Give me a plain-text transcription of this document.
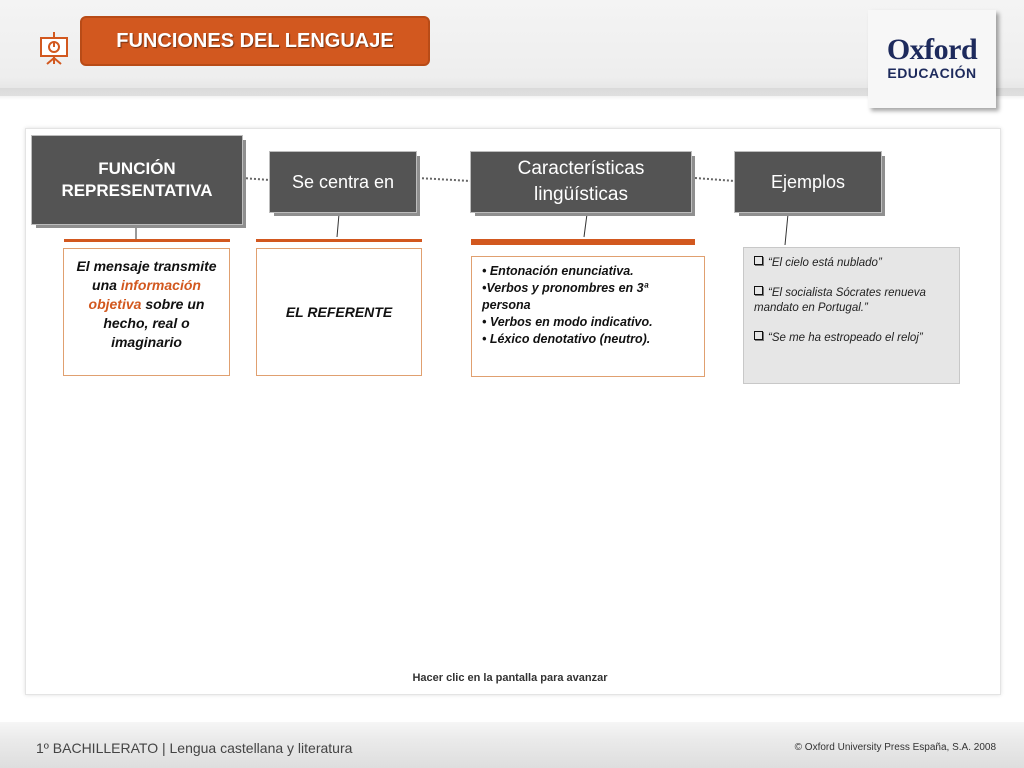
FUNCIONES DEL LENGUAJE	Oxford
EDUCACIÓN
FUNCIÓN REPRESENTATIVA	Se centra en
Características lingüísticas
Ejemplos
El mensaje transmite una información objetiva sobre un hecho, real o imaginario
EL REFERENTE
• Entonación enunciativa.
•Verbos y pronombres en 3ª persona
• Verbos en modo indicativo.
• Léxico denotativo (neutro).
“El cielo está nublado”
“El socialista Sócrates renueva mandato en Portugal.”
“Se me ha estropeado el reloj”
Hacer clic en la pantalla para avanzar
1º BACHILLERATO | Lengua castellana y literatura	© Oxford University Press España, S.A. 2008
